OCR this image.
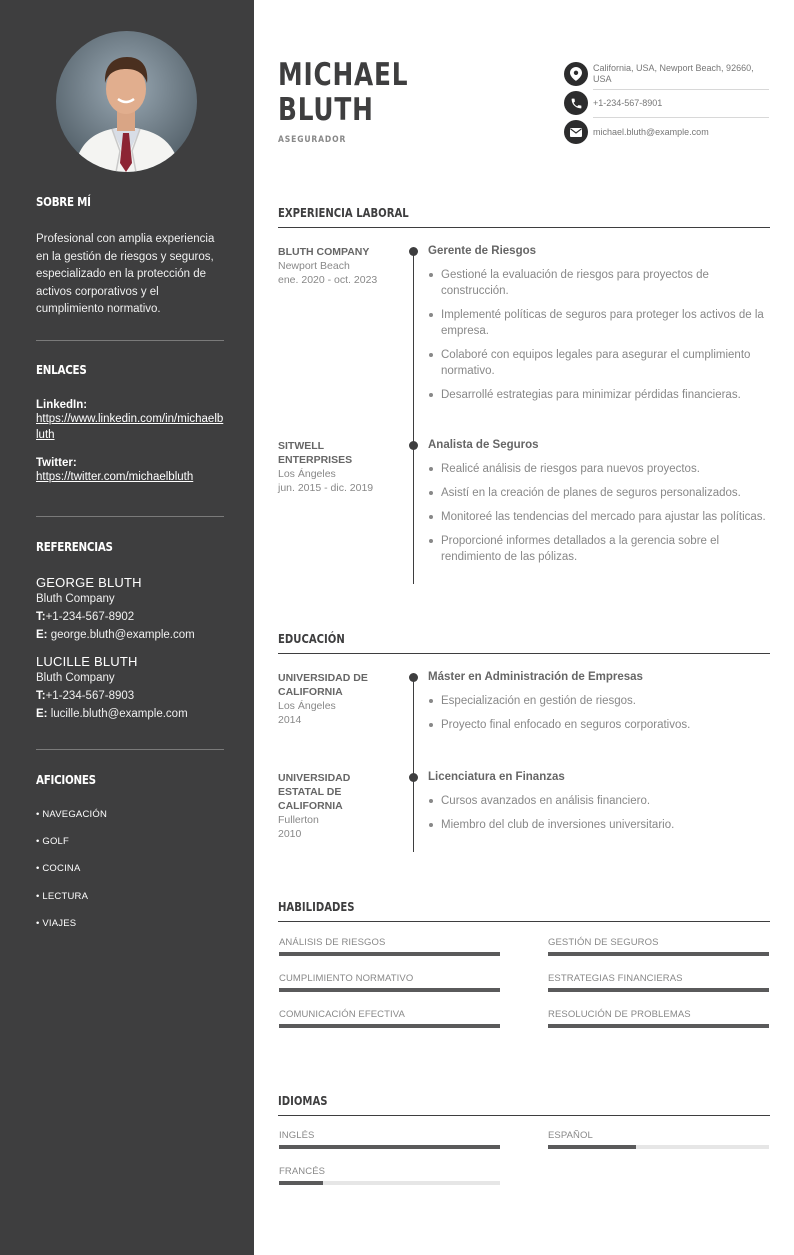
SOBRE MÍ
Profesional con amplia experiencia en la gestión de riesgos y seguros, especializado en la protección de activos corporativos y el cumplimiento normativo.
ENLACES
LinkedIn:
https://www.linkedin.com/in/michaelbluth
Twitter:
https://twitter.com/michaelbluth
REFERENCIAS
GEORGE BLUTH
Bluth Company
T:+1-234-567-8902
E: george.bluth@example.com
LUCILLE BLUTH
Bluth Company
T:+1-234-567-8903
E: lucille.bluth@example.com
AFICIONES
• NAVEGACIÓN
• GOLF
• COCINA
• LECTURA
• VIAJES
MICHAEL
BLUTH
ASEGURADOR
California, USA, Newport Beach, 92660, USA
+1-234-567-8901
michael.bluth@example.com
EXPERIENCIA LABORAL
BLUTH COMPANY
Newport Beach
ene. 2020 - oct. 2023
Gerente de Riesgos
Gestioné la evaluación de riesgos para proyectos de construcción.
Implementé políticas de seguros para proteger los activos de la empresa.
Colaboré con equipos legales para asegurar el cumplimiento normativo.
Desarrollé estrategias para minimizar pérdidas financieras.
SITWELL ENTERPRISES
Los Ángeles
jun. 2015 - dic. 2019
Analista de Seguros
Realicé análisis de riesgos para nuevos proyectos.
Asistí en la creación de planes de seguros personalizados.
Monitoreé las tendencias del mercado para ajustar las políticas.
Proporcioné informes detallados a la gerencia sobre el rendimiento de las pólizas.
EDUCACIÓN
UNIVERSIDAD DE CALIFORNIA
Los Ángeles
2014
Máster en Administración de Empresas
Especialización en gestión de riesgos.
Proyecto final enfocado en seguros corporativos.
UNIVERSIDAD ESTATAL DE CALIFORNIA
Fullerton
2010
Licenciatura en Finanzas
Cursos avanzados en análisis financiero.
Miembro del club de inversiones universitario.
HABILIDADES
ANÁLISIS DE RIESGOS	GESTIÓN DE SEGUROS
CUMPLIMIENTO NORMATIVO	ESTRATEGIAS FINANCIERAS
COMUNICACIÓN EFECTIVA	RESOLUCIÓN DE PROBLEMAS
IDIOMAS
INGLÉS	ESPAÑOL
FRANCÉS
